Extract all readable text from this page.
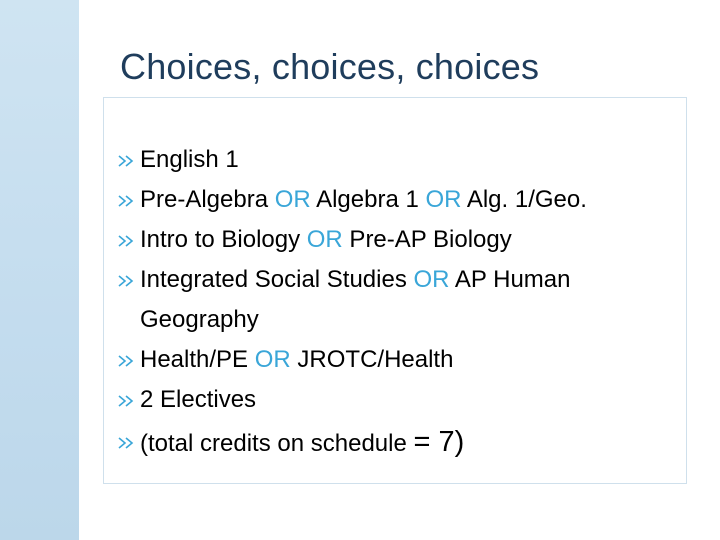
Choices, choices, choices
English 1
Pre-Algebra OR Algebra 1 OR Alg. 1/Geo.
Intro to Biology OR Pre-AP Biology
Integrated Social Studies OR AP Human
Geography
Health/PE OR JROTC/Health
2 Electives
(total credits on schedule = 7)
